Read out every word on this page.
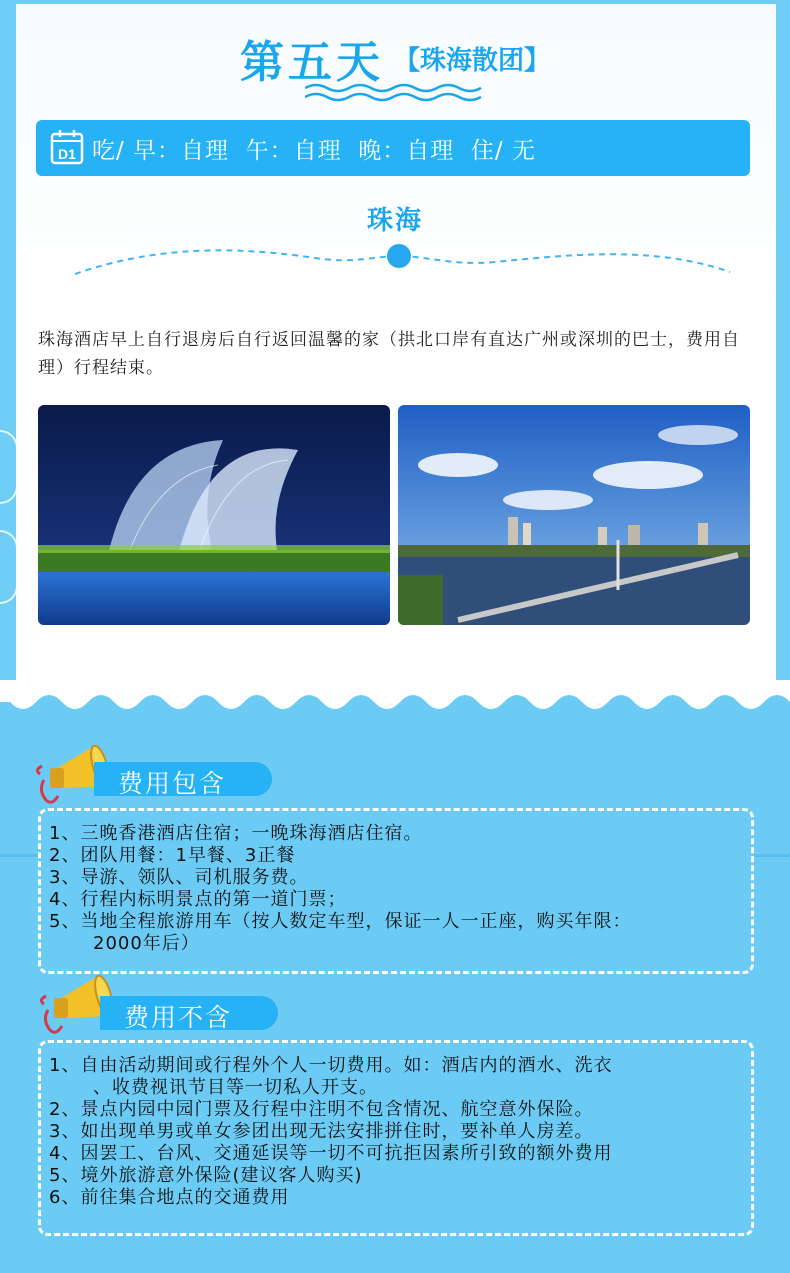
第五天 【珠海散团】
D1 吃/ 早：自理  午：自理  晚：自理  住/ 无
珠海
珠海酒店早上自行退房后自行返回温馨的家（拱北口岸有直达广州或深圳的巴士，费用自理）行程结束。
费用包含
1、三晚香港酒店住宿；一晚珠海酒店住宿。
2、团队用餐：1早餐、3正餐
3、导游、领队、司机服务费。
4、行程内标明景点的第一道门票；
5、当地全程旅游用车（按人数定车型，保证一人一正座，购买年限：
2000年后）
费用不含
1、自由活动期间或行程外个人一切费用。如：酒店内的酒水、洗衣
、收费视讯节目等一切私人开支。
2、景点内园中园门票及行程中注明不包含情况、航空意外保险。
3、如出现单男或单女参团出现无法安排拼住时，要补单人房差。
4、因罢工、台风、交通延误等一切不可抗拒因素所引致的额外费用
5、境外旅游意外保险(建议客人购买)
6、前往集合地点的交通费用
